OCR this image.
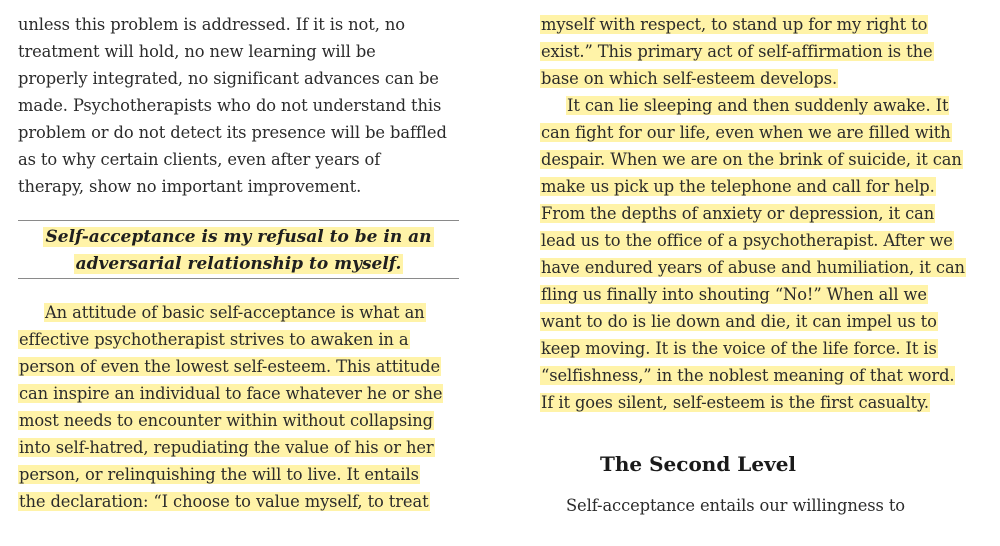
unless this problem is addressed. If it is not, no
treatment will hold, no new learning will be
properly integrated, no significant advances can be
made. Psychotherapists who do not understand this
problem or do not detect its presence will be baffled
as to why certain clients, even after years of
therapy, show no important improvement.
Self-acceptance is my refusal to be in an
adversarial relationship to myself.
An attitude of basic self-acceptance is what an
effective psychotherapist strives to awaken in a
person of even the lowest self-esteem. This attitude
can inspire an individual to face whatever he or she
most needs to encounter within without collapsing
into self-hatred, repudiating the value of his or her
person, or relinquishing the will to live. It entails
the declaration: “I choose to value myself, to treat
myself with respect, to stand up for my right to
exist.” This primary act of self-affirmation is the
base on which self-esteem develops.
It can lie sleeping and then suddenly awake. It
can fight for our life, even when we are filled with
despair. When we are on the brink of suicide, it can
make us pick up the telephone and call for help.
From the depths of anxiety or depression, it can
lead us to the office of a psychotherapist. After we
have endured years of abuse and humiliation, it can
fling us finally into shouting “No!” When all we
want to do is lie down and die, it can impel us to
keep moving. It is the voice of the life force. It is
“selfishness,” in the noblest meaning of that word.
If it goes silent, self-esteem is the first casualty.
The Second Level
Self-acceptance entails our willingness to
